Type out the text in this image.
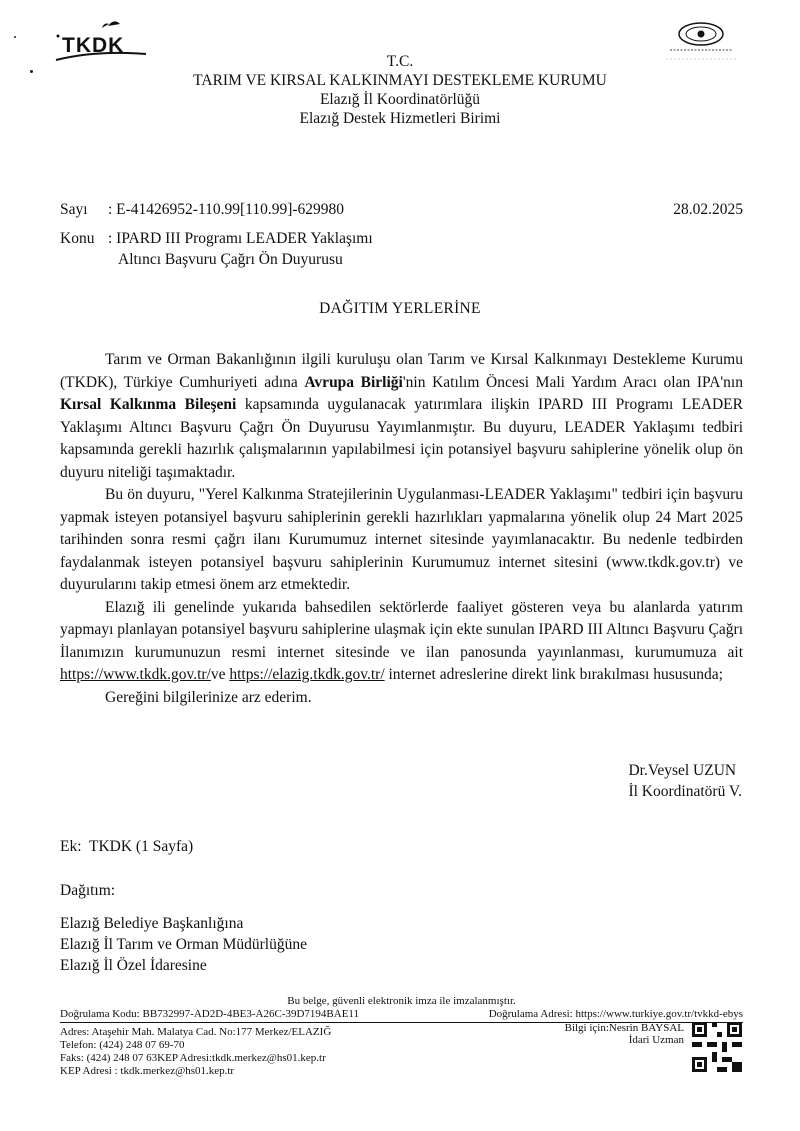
TKDK
T.C.
TARIM VE KIRSAL KALKINMAYI DESTEKLEME KURUMU
Elazığ İl Koordinatörlüğü
Elazığ Destek Hizmetleri Birimi
Sayı : E-41426952-110.99[110.99]-629980	28.02.2025
Konu : IPARD III Programı LEADER Yaklaşımı
Altıncı Başvuru Çağrı Ön Duyurusu
DAĞITIM YERLERİNE

Tarım ve Orman Bakanlığının ilgili kuruluşu olan Tarım ve Kırsal Kalkınmayı Destekleme Kurumu (TKDK), Türkiye Cumhuriyeti adına Avrupa Birliği'nin Katılım Öncesi Mali Yardım Aracı olan IPA'nın Kırsal Kalkınma Bileşeni kapsamında uygulanacak yatırımlara ilişkin IPARD III Programı LEADER Yaklaşımı Altıncı Başvuru Çağrı Ön Duyurusu Yayımlanmıştır. Bu duyuru, LEADER Yaklaşımı tedbiri kapsamında gerekli hazırlık çalışmalarının yapılabilmesi için potansiyel başvuru sahiplerine yönelik olup ön duyuru niteliği taşımaktadır.

Bu ön duyuru, "Yerel Kalkınma Stratejilerinin Uygulanması-LEADER Yaklaşımı" tedbiri için başvuru yapmak isteyen potansiyel başvuru sahiplerinin gerekli hazırlıkları yapmalarına yönelik olup 24 Mart 2025 tarihinden sonra resmi çağrı ilanı Kurumumuz internet sitesinde yayımlanacaktır. Bu nedenle tedbirden faydalanmak isteyen potansiyel başvuru sahiplerinin Kurumumuz internet sitesini (www.tkdk.gov.tr) ve duyurularını takip etmesi önem arz etmektedir.

Elazığ ili genelinde yukarıda bahsedilen sektörlerde faaliyet gösteren veya bu alanlarda yatırım yapmayı planlayan potansiyel başvuru sahiplerine ulaşmak için ekte sunulan IPARD III Altıncı Başvuru Çağrı İlanımızın kurumunuzun resmi internet sitesinde ve ilan panosunda yayınlanması, kurumumuza ait https://www.tkdk.gov.tr/ve https://elazig.tkdk.gov.tr/ internet adreslerine direkt link bırakılması hususunda;

Gereğini bilgilerinize arz ederim.

Dr.Veysel UZUN
İl Koordinatörü V.
Ek:  TKDK (1 Sayfa)
Dağıtım:
Elazığ Belediye Başkanlığına
Elazığ İl Tarım ve Orman Müdürlüğüne
Elazığ İl Özel İdaresine
Bu belge, güvenli elektronik imza ile imzalanmıştır.
Doğrulama Kodu: BB732997-AD2D-4BE3-A26C-39D7194BAE11	Doğrulama Adresi: https://www.turkiye.gov.tr/tvkkd-ebys
Adres: Ataşehir Mah. Malatya Cad. No:177 Merkez/ELAZIĞ
Telefon: (424) 248 07 69-70
Faks: (424) 248 07 63KEP Adresi:tkdk.merkez@hs01.kep.tr
KEP Adresi : tkdk.merkez@hs01.kep.tr
Bilgi için:Nesrin BAYSAL
İdari Uzman
